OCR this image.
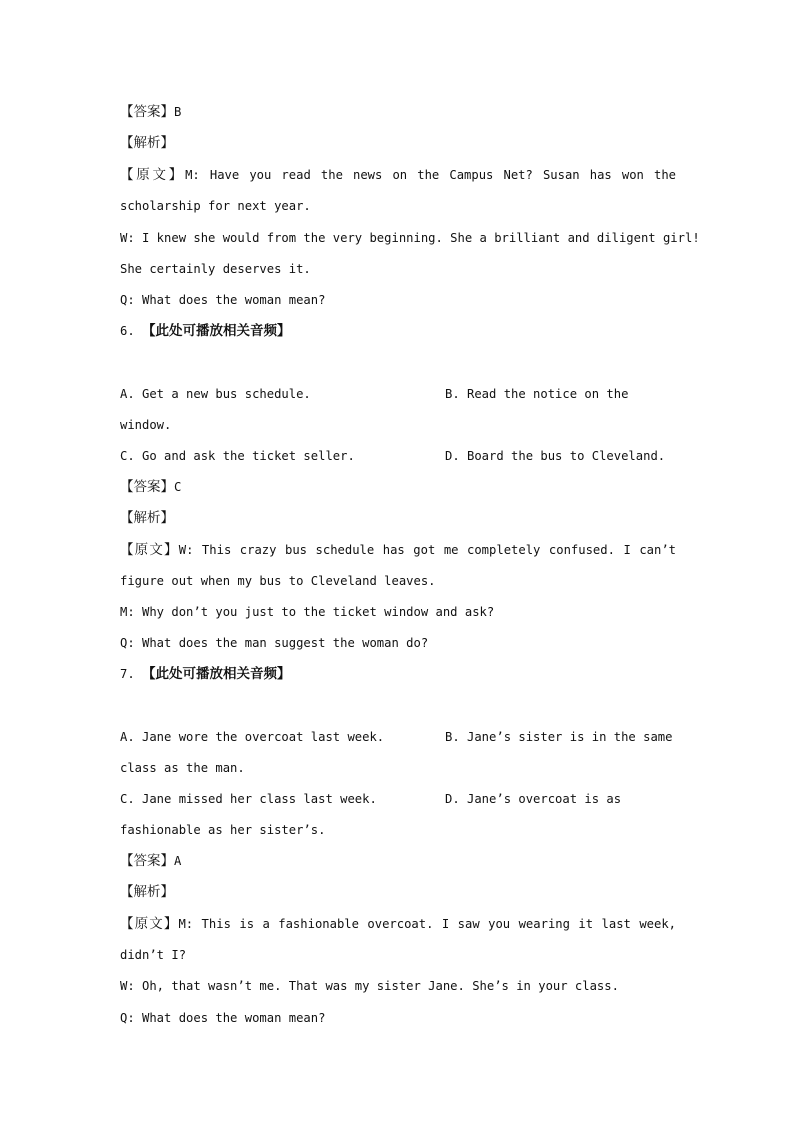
【答案】B
【解析】
【原文】M: Have you read the news on the Campus Net? Susan has won the
scholarship for next year.
W: I knew she would from the very beginning. She a brilliant and diligent girl!
She certainly deserves it.
Q: What does the woman mean?
6. 【此处可播放相关音频】
A. Get a new bus schedule.	B. Read the notice on the
window.
C. Go and ask the ticket seller.	D. Board the bus to Cleveland.
【答案】C
【解析】
【原文】W: This crazy bus schedule has got me completely confused. I can’t
figure out when my bus to Cleveland leaves.
M: Why don’t you just to the ticket window and ask?
Q: What does the man suggest the woman do?
7. 【此处可播放相关音频】
A. Jane wore the overcoat last week.	B. Jane’s sister is in the same
class as the man.
C. Jane missed her class last week.	D. Jane’s overcoat is as
fashionable as her sister’s.
【答案】A
【解析】
【原文】M: This is a fashionable overcoat. I saw you wearing it last week,
didn’t I?
W: Oh, that wasn’t me. That was my sister Jane. She’s in your class.
Q: What does the woman mean?
